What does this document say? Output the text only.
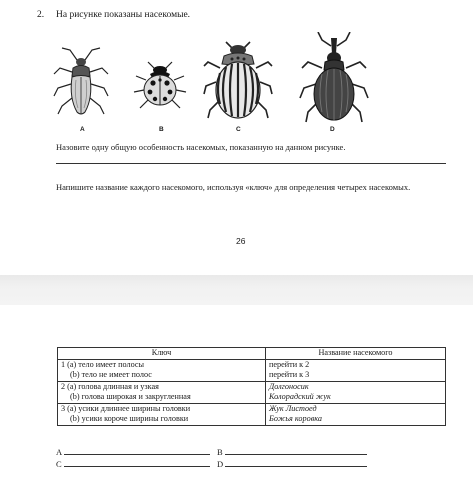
2. На рисунке показаны насекомые.
A	B	C	D
Назовите одну общую особенность насекомых, показанную на данном рисунке.
Напишите название каждого насекомого, используя «ключ» для определения четырех насекомых.
26
Ключ	Название насекомого
1 (a) тело имеет полосы	перейти к 2
(b) тело не имеет полос	перейти к 3
2 (a) голова длинная и узкая	Долгоносик
(b) голова широкая и закругленная	Колорадский жук
3 (a) усики длиннее ширины головки	Жук Листоед
(b) усики короче ширины головки	Божья коровка
A	B
C	D
